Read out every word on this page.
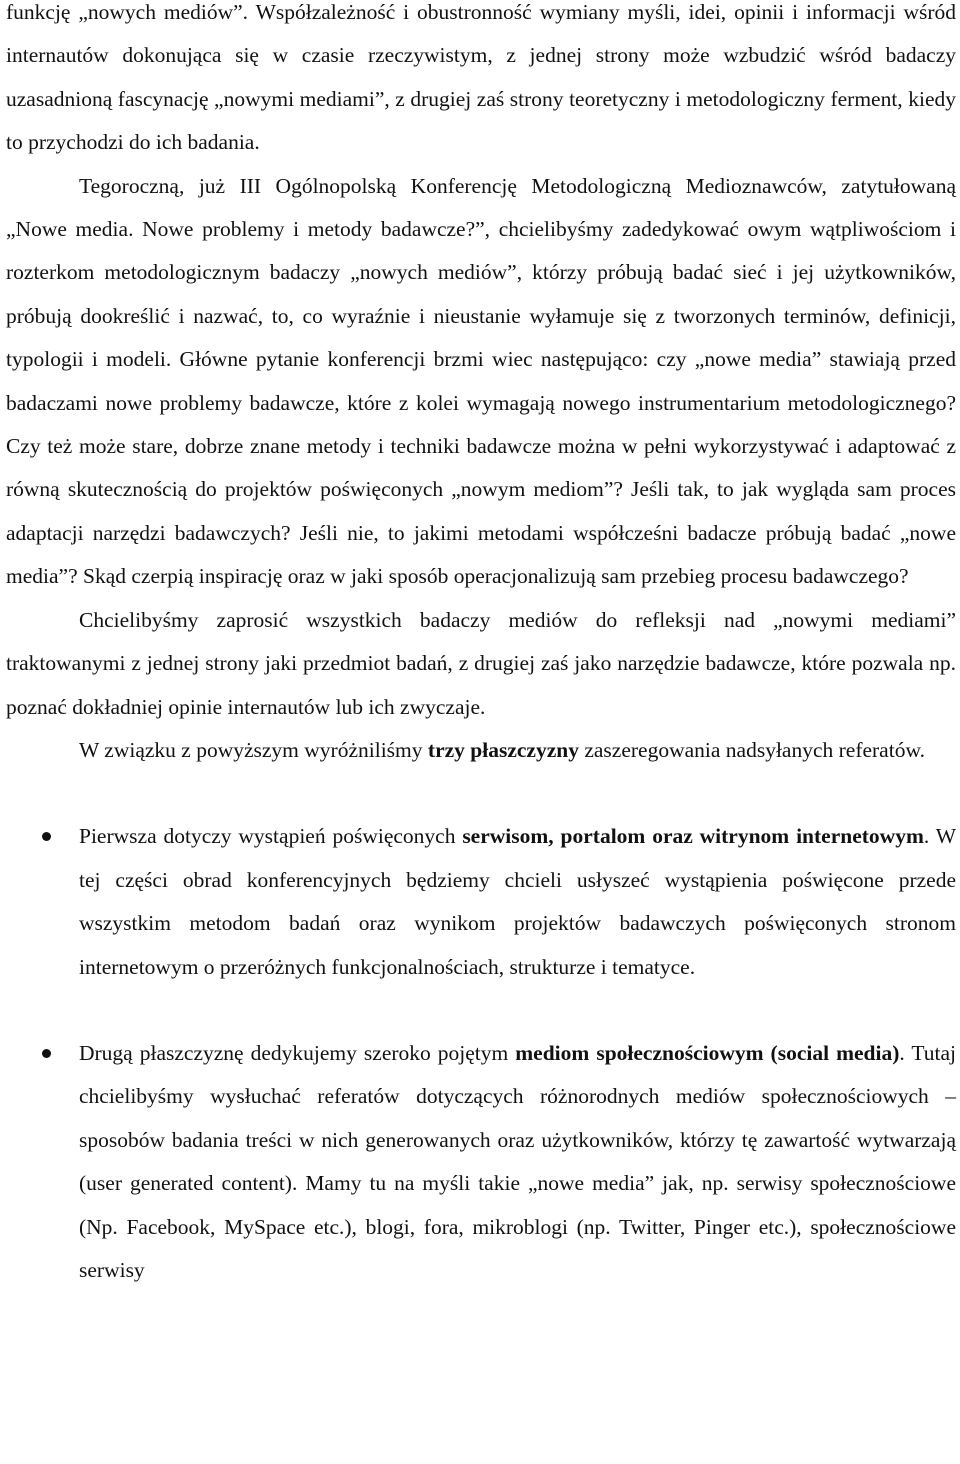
funkcję „nowych mediów”. Współzależność i obustronność wymiany myśli, idei, opinii i informacji wśród internautów dokonująca się w czasie rzeczywistym, z jednej strony może wzbudzić wśród badaczy uzasadnioną fascynację „nowymi mediami”, z drugiej zaś strony teoretyczny i metodologiczny ferment, kiedy to przychodzi do ich badania.

Tegoroczną, już III Ogólnopolską Konferencję Metodologiczną Medioznawców, zatytułowaną „Nowe media. Nowe problemy i metody badawcze?”, chcielibyśmy zadedykować owym wątpliwościom i rozterkom metodologicznym badaczy „nowych mediów”, którzy próbują badać sieć i jej użytkowników, próbują dookreślić i nazwać, to, co wyraźnie i nieustanie wyłamuje się z tworzonych terminów, definicji, typologii i modeli. Główne pytanie konferencji brzmi wiec następująco: czy „nowe media” stawiają przed badaczami nowe problemy badawcze, które z kolei wymagają nowego instrumentarium metodologicznego? Czy też może stare, dobrze znane metody i techniki badawcze można w pełni wykorzystywać i adaptować z równą skutecznością do projektów poświęconych „nowym mediom”? Jeśli tak, to jak wygląda sam proces adaptacji narzędzi badawczych? Jeśli nie, to jakimi metodami współcześni badacze próbują badać „nowe media”? Skąd czerpią inspirację oraz w jaki sposób operacjonalizują sam przebieg procesu badawczego?

Chcielibyśmy zaprosić wszystkich badaczy mediów do refleksji nad „nowymi mediami” traktowanymi z jednej strony jaki przedmiot badań, z drugiej zaś jako narzędzie badawcze, które pozwala np. poznać dokładniej opinie internautów lub ich zwyczaje.

W związku z powyższym wyróżniliśmy trzy płaszczyzny zaszeregowania nadsyłanych referatów.

Pierwsza dotyczy wystąpień poświęconych serwisom, portalom oraz witrynom internetowym. W tej części obrad konferencyjnych będziemy chcieli usłyszeć wystąpienia poświęcone przede wszystkim metodom badań oraz wynikom projektów badawczych poświęconych stronom internetowym o przeróżnych funkcjonalnościach, strukturze i tematyce.
Drugą płaszczyznę dedykujemy szeroko pojętym mediom społecznościowym (social media). Tutaj chcielibyśmy wysłuchać referatów dotyczących różnorodnych mediów społecznościowych – sposobów badania treści w nich generowanych oraz użytkowników, którzy tę zawartość wytwarzają (user generated content). Mamy tu na myśli takie „nowe media” jak, np. serwisy społecznościowe (Np. Facebook, MySpace etc.), blogi, fora, mikroblogi (np. Twitter, Pinger etc.), społecznościowe serwisy
